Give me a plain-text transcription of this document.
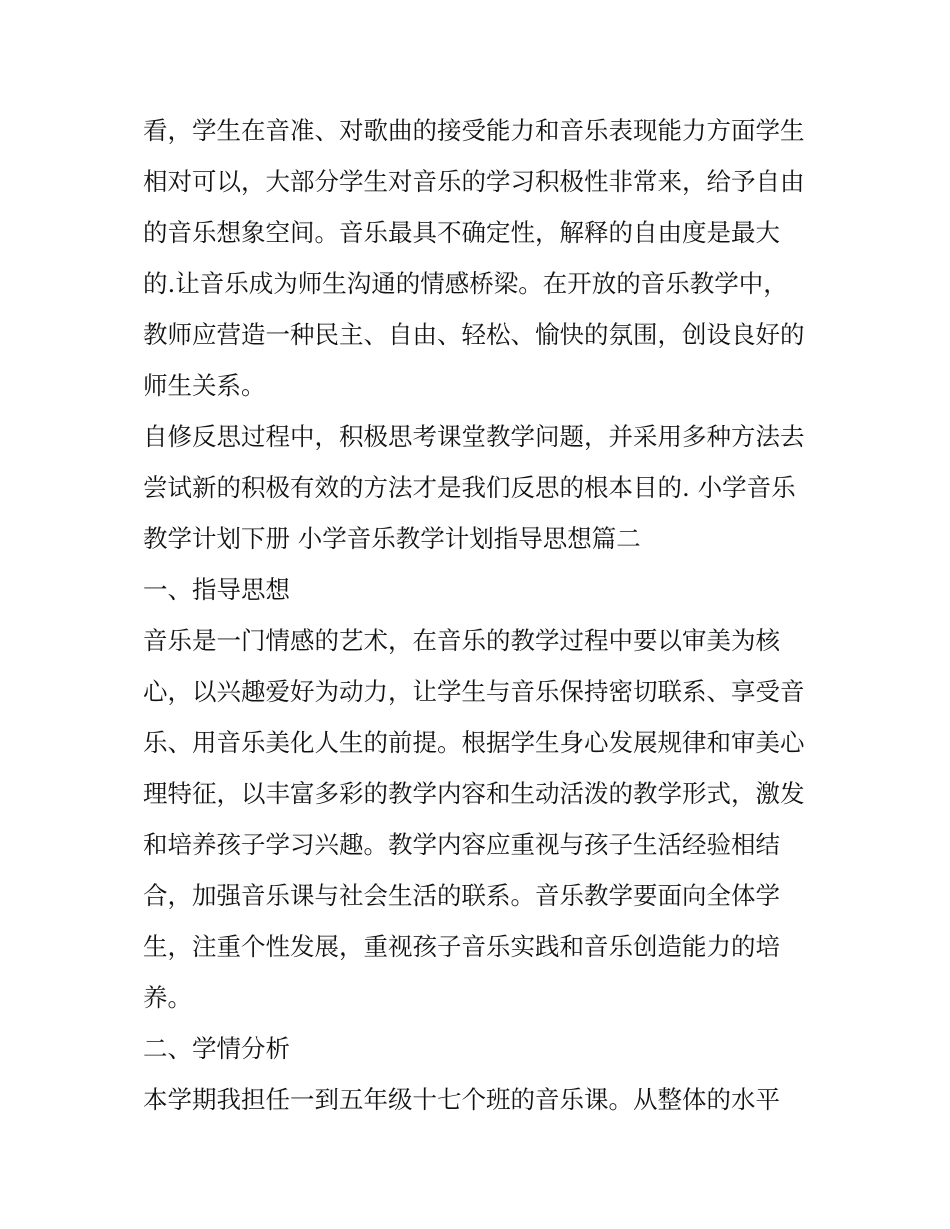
看，学生在音准、对歌曲的接受能力和音乐表现能力方面学生
相对可以，大部分学生对音乐的学习积极性非常来，给予自由
的音乐想象空间。音乐最具不确定性，解释的自由度是最大
的.让音乐成为师生沟通的情感桥梁。在开放的音乐教学中，
教师应营造一种民主、自由、轻松、愉快的氛围，创设良好的
师生关系。
自修反思过程中，积极思考课堂教学问题，并采用多种方法去
尝试新的积极有效的方法才是我们反思的根本目的. 小学音乐
教学计划下册 小学音乐教学计划指导思想篇二
一、指导思想
音乐是一门情感的艺术，在音乐的教学过程中要以审美为核
心，以兴趣爱好为动力，让学生与音乐保持密切联系、享受音
乐、用音乐美化人生的前提。根据学生身心发展规律和审美心
理特征，以丰富多彩的教学内容和生动活泼的教学形式，激发
和培养孩子学习兴趣。教学内容应重视与孩子生活经验相结
合，加强音乐课与社会生活的联系。音乐教学要面向全体学
生，注重个性发展，重视孩子音乐实践和音乐创造能力的培
养。
二、学情分析
本学期我担任一到五年级十七个班的音乐课。从整体的水平
